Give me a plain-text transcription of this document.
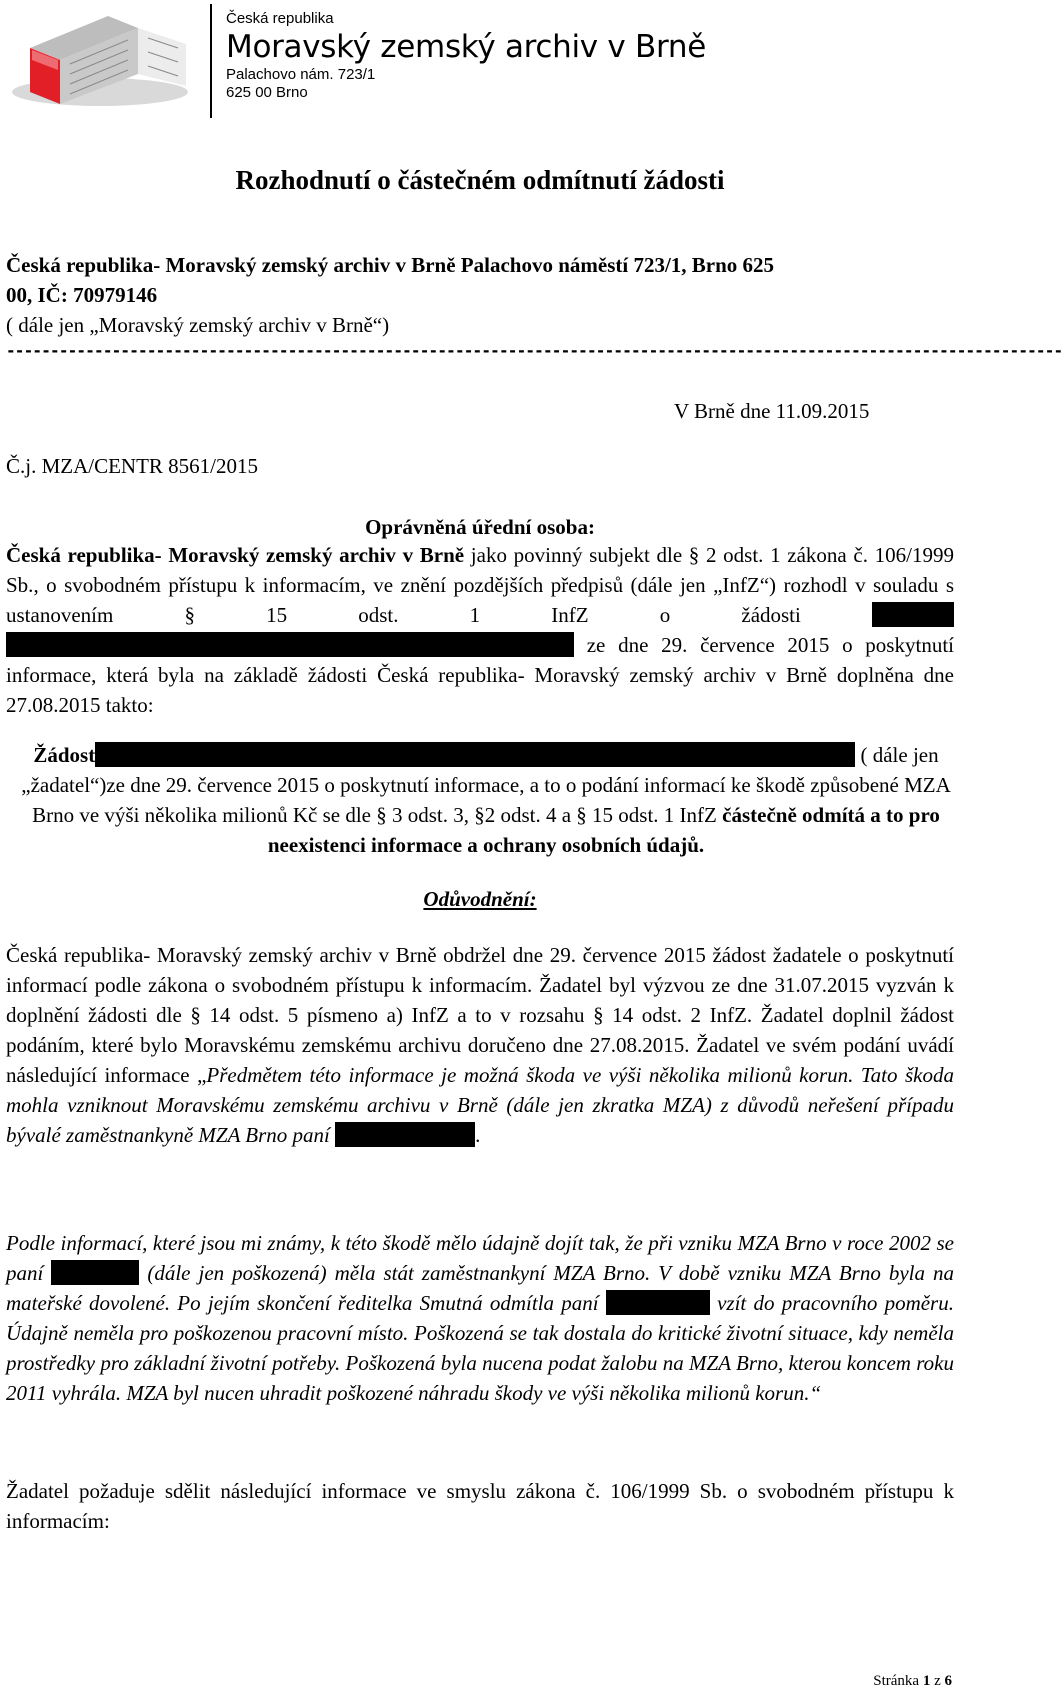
Česká republika
Moravský zemský archiv v Brně
Palachovo nám. 723/1
625 00 Brno
Rozhodnutí o částečném odmítnutí žádosti
Česká republika- Moravský zemský archiv v Brně Palachovo náměstí 723/1, Brno 625
00, IČ: 70979146
( dále jen „Moravský zemský archiv v Brně“)
------------------------------------------------------------------------------------------------------------------------
V Brně dne 11.09.2015
Č.j. MZA/CENTR 8561/2015
Oprávněná úřední osoba:
Česká republika- Moravský zemský archiv v Brně jako povinný subjekt dle § 2 odst. 1 zákona č. 106/1999 Sb., o svobodném přístupu k informacím, ve znění pozdějších předpisů (dále jen „InfZ“) rozhodl v souladu s ustanovením § 15 odst. 1 InfZ o žádosti   ze dne 29. července 2015 o poskytnutí informace, která byla na základě žádosti Česká republika- Moravský zemský archiv v Brně doplněna dne 27.08.2015 takto:
Žádost	( dále jen „žadatel“)ze dne 29. července 2015 o poskytnutí informace, a to o podání informací ke škodě způsobené MZA Brno ve výši několika milionů Kč se dle § 3 odst. 3, §2 odst. 4 a § 15 odst. 1 InfZ částečně odmítá a to pro neexistenci informace a ochrany osobních údajů.
Odůvodnění:
Česká republika- Moravský zemský archiv v Brně obdržel dne 29. července 2015 žádost žadatele o poskytnutí informací podle zákona o svobodném přístupu k informacím. Žadatel byl výzvou ze dne 31.07.2015 vyzván k doplnění žádosti dle § 14 odst. 5 písmeno a) InfZ a to v rozsahu § 14 odst. 2 InfZ. Žadatel doplnil žádost podáním, které bylo Moravskému zemskému archivu doručeno dne 27.08.2015. Žadatel ve svém podání uvádí následující informace „Předmětem této informace je možná škoda ve výši několika milionů korun. Tato škoda mohla vzniknout Moravskému zemskému archivu v Brně (dále jen zkratka MZA) z důvodů neřešení případu bývalé zaměstnankyně MZA Brno paní	.
Podle informací, které jsou mi známy, k této škodě mělo údajně dojít tak, že při vzniku MZA Brno v roce 2002 se paní	(dále jen poškozená) měla stát zaměstnankyní MZA Brno. V době vzniku MZA Brno byla na mateřské dovolené. Po jejím skončení ředitelka Smutná odmítla paní	vzít do pracovního poměru. Údajně neměla pro poškozenou pracovní místo. Poškozená se tak dostala do kritické životní situace, kdy neměla prostředky pro základní životní potřeby. Poškozená byla nucena podat žalobu na MZA Brno, kterou koncem roku 2011 vyhrála. MZA byl nucen uhradit poškozené náhradu škody ve výši několika milionů korun.“
Žadatel požaduje sdělit následující informace ve smyslu zákona č. 106/1999 Sb. o svobodném přístupu k informacím:
Stránka 1 z 6
